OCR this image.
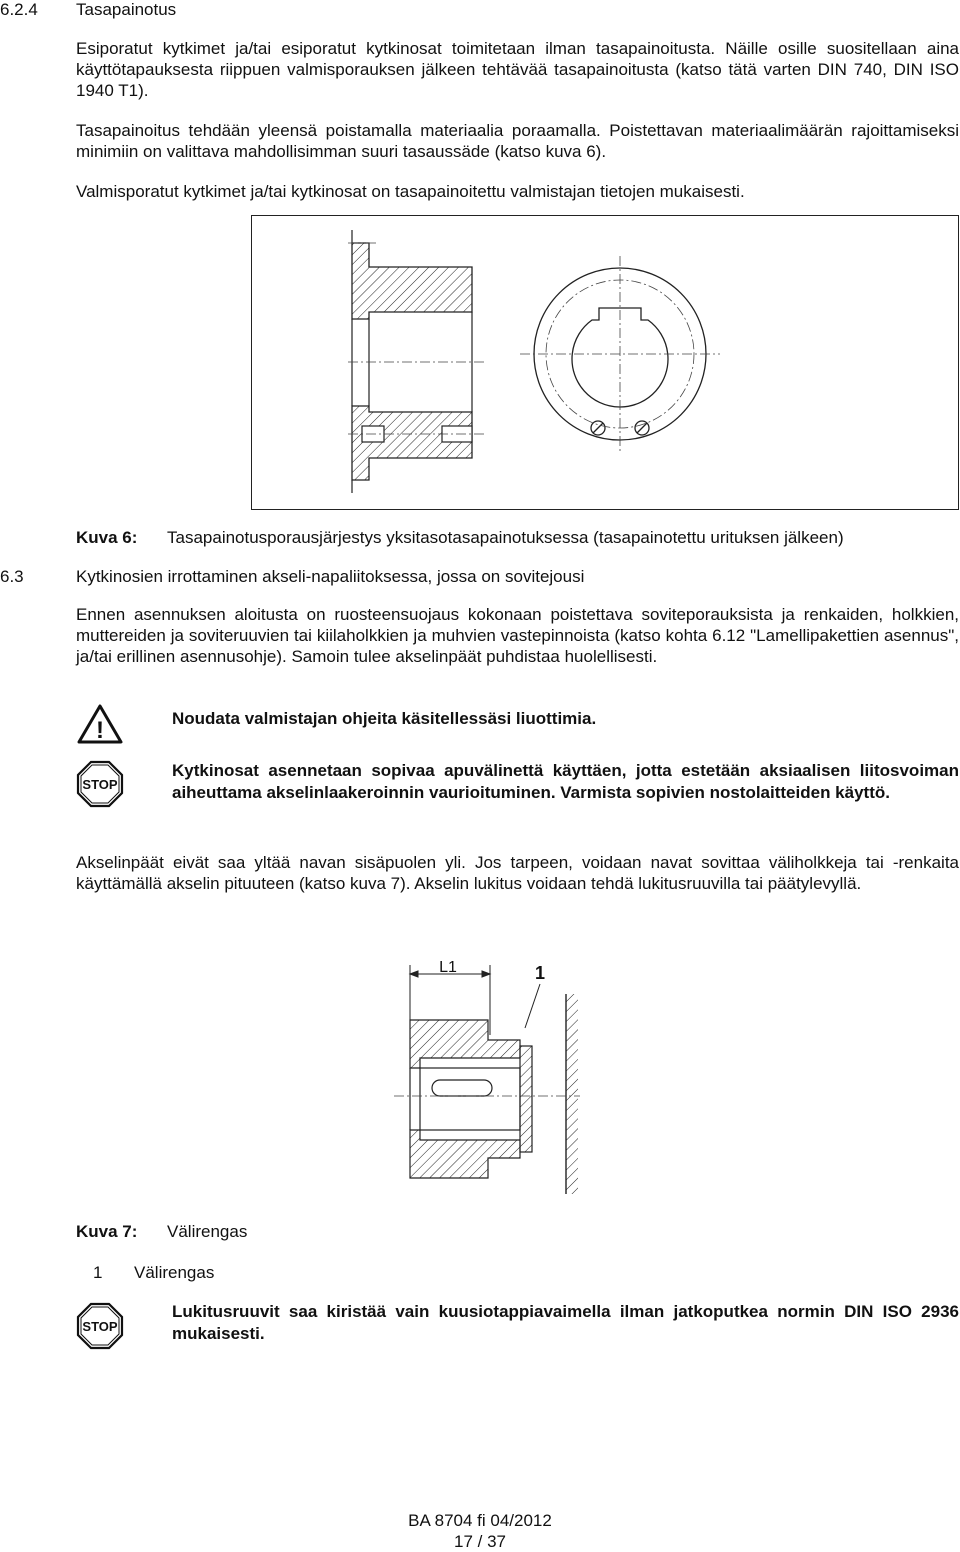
6.2.4 Tasapainotus

Esiporatut kytkimet ja/tai esiporatut kytkinosat toimitetaan ilman tasapainoitusta. Näille osille suositellaan aina käyttötapauksesta riippuen valmisporauksen jälkeen tehtävää tasapainoitusta (katso tätä varten DIN 740, DIN ISO 1940 T1).

Tasapainoitus tehdään yleensä poistamalla materiaalia poraamalla. Poistettavan materiaalimäärän rajoittamiseksi minimiin on valittava mahdollisimman suuri tasaussäde (katso kuva 6).

Valmisporatut kytkimet ja/tai kytkinosat on tasapainoitettu valmistajan tietojen mukaisesti.

Kuva 6: Tasapainotusporausjärjestys yksitasotasapainotuksessa (tasapainotettu urituksen jälkeen)
6.3	Kytkinosien irrottaminen akseli-napaliitoksessa, jossa on sovitejousi

Ennen asennuksen aloitusta on ruosteensuojaus kokonaan poistettava soviteporauksista ja renkaiden, holkkien, muttereiden ja soviteruuvien tai kiilaholkkien ja muhvien vastepinnoista (katso kohta 6.12 "Lamellipakettien asennus", ja/tai erillinen asennusohje). Samoin tulee akselinpäät puhdistaa huolellisesti.

!	Noudata valmistajan ohjeita käsitellessäsi liuottimia.
STOP

Kytkinosat asennetaan sopivaa apuvälinettä käyttäen, jotta estetään aksiaalisen liitosvoiman aiheuttama akselinlaakeroinnin vaurioituminen. Varmista sopivien nostolaitteiden käyttö.

Akselinpäät eivät saa yltää navan sisäpuolen yli. Jos tarpeen, voidaan navat sovittaa väliholkkeja tai -renkaita käyttämällä akselin pituuteen (katso kuva 7). Akselin lukitus voidaan tehdä lukitusruuvilla tai päätylevyllä.

L1	1
Kuva 7: Välirengas
1 Välirengas
STOP

Lukitusruuvit saa kiristää vain kuusiotappiavaimella ilman jatkoputkea normin DIN ISO 2936 mukaisesti.

BA 8704 fi 04/2012
17 / 37
